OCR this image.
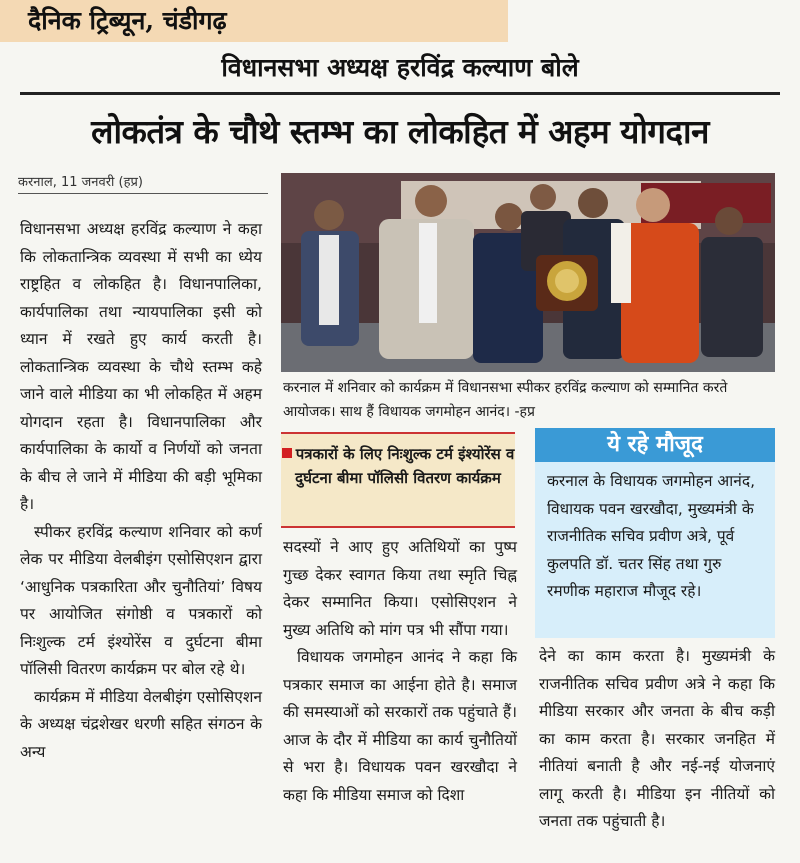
दैनिक ट्रिब्यून, चंडीगढ़
विधानसभा अध्यक्ष हरविंद्र कल्याण बोले
लोकतंत्र के चौथे स्तम्भ का लोकहित में अहम योगदान
करनाल, 11 जनवरी (हप्र)

विधानसभा अध्यक्ष हरविंद्र कल्याण ने कहा कि लोकतान्त्रिक व्यवस्था में सभी का ध्येय राष्ट्रहित व लोकहित है। विधानपालिका, कार्यपालिका तथा न्यायपालिका इसी को ध्यान में रखते हुए कार्य करती है। लोकतान्त्रिक व्यवस्था के चौथे स्तम्भ कहे जाने वाले मीडिया का भी लोकहित में अहम योगदान रहता है। विधानपालिका और कार्यपालिका के कार्यो व निर्णयों को जनता के बीच ले जाने में मीडिया की बड़ी भूमिका है।

स्पीकर हरविंद्र कल्याण शनिवार को कर्ण लेक पर मीडिया वेलबीइंग एसोसिएशन द्वारा ‘आधुनिक पत्रकारिता और चुनौतियां’ विषय पर आयोजित संगोष्ठी व पत्रकारों को निःशुल्क टर्म इंश्योरेंस व दुर्घटना बीमा पॉलिसी वितरण कार्यक्रम पर बोल रहे थे।

कार्यक्रम में मीडिया वेलबीइंग एसोसिएशन के अध्यक्ष चंद्रशेखर धरणी सहित संगठन के अन्य

करनाल में शनिवार को कार्यक्रम में विधानसभा स्पीकर हरविंद्र कल्याण को सम्मानित करते आयोजक। साथ हैं विधायक जगमोहन आनंद। -हप्र
पत्रकारों के लिए निःशुल्क टर्म इंश्योरेंस व दुर्घटना बीमा पॉलिसी वितरण कार्यक्रम

सदस्यों ने आए हुए अतिथियों का पुष्प गुच्छ देकर स्वागत किया तथा स्मृति चिह्न देकर सम्मानित किया। एसोसिएशन ने मुख्य अतिथि को मांग पत्र भी सौंपा गया।

विधायक जगमोहन आनंद ने कहा कि पत्रकार समाज का आईना होते है। समाज की समस्याओं को सरकारों तक पहुंचाते हैं। आज के दौर में मीडिया का कार्य चुनौतियों से भरा है। विधायक पवन खरखौदा ने कहा कि मीडिया समाज को दिशा

ये रहे मौजूद
करनाल के विधायक जगमोहन आनंद, विधायक पवन खरखौदा, मुख्यमंत्री के राजनीतिक सचिव प्रवीण अत्रे, पूर्व कुलपति डॉ. चतर सिंह तथा गुरु रमणीक महाराज मौजूद रहे।

देने का काम करता है। मुख्यमंत्री के राजनीतिक सचिव प्रवीण अत्रे ने कहा कि मीडिया सरकार और जनता के बीच कड़ी का काम करता है। सरकार जनहित में नीतियां बनाती है और नई-नई योजनाएं लागू करती है। मीडिया इन नीतियों को जनता तक पहुंचाती है।
